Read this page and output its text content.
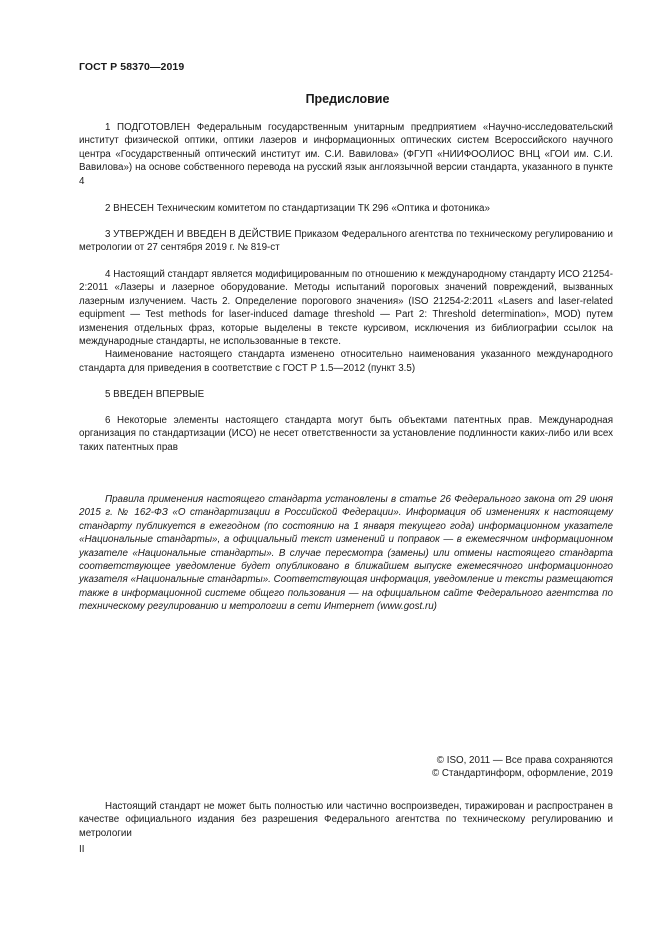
ГОСТ Р 58370—2019
Предисловие

1 ПОДГОТОВЛЕН Федеральным государственным унитарным предприятием «Научно-исследовательский институт физической оптики, оптики лазеров и информационных оптических систем Всероссийского научного центра «Государственный оптический институт им. С.И. Вавилова» (ФГУП «НИИФООЛИОС ВНЦ «ГОИ им. С.И. Вавилова») на основе собственного перевода на русский язык англоязычной версии стандарта, указанного в пункте 4

2 ВНЕСЕН Техническим комитетом по стандартизации ТК 296 «Оптика и фотоника»

3 УТВЕРЖДЕН И ВВЕДЕН В ДЕЙСТВИЕ Приказом Федерального агентства по техническому регулированию и метрологии от 27 сентября 2019 г. № 819-ст

4 Настоящий стандарт является модифицированным по отношению к международному стандарту ИСО 21254-2:2011 «Лазеры и лазерное оборудование. Методы испытаний пороговых значений повреждений, вызванных лазерным излучением. Часть 2. Определение порогового значения» (ISO 21254-2:2011 «Lasers and laser-related equipment — Test methods for laser-induced damage threshold — Part 2: Threshold determination», MOD) путем изменения отдельных фраз, которые выделены в тексте курсивом, исключения из библиографии ссылок на международные стандарты, не использованные в тексте.

Наименование настоящего стандарта изменено относительно наименования указанного международного стандарта для приведения в соответствие с ГОСТ Р 1.5—2012 (пункт 3.5)

5 ВВЕДЕН ВПЕРВЫЕ

6 Некоторые элементы настоящего стандарта могут быть объектами патентных прав. Международная организация по стандартизации (ИСО) не несет ответственности за установление подлинности каких-либо или всех таких патентных прав

Правила применения настоящего стандарта установлены в статье 26 Федерального закона от 29 июня 2015 г. № 162-ФЗ «О стандартизации в Российской Федерации». Информация об изменениях к настоящему стандарту публикуется в ежегодном (по состоянию на 1 января текущего года) информационном указателе «Национальные стандарты», а официальный текст изменений и поправок — в ежемесячном информационном указателе «Национальные стандарты». В случае пересмотра (замены) или отмены настоящего стандарта соответствующее уведомление будет опубликовано в ближайшем выпуске ежемесячного информационного указателя «Национальные стандарты». Соответствующая информация, уведомление и тексты размещаются также в информационной системе общего пользования — на официальном сайте Федерального агентства по техническому регулированию и метрологии в сети Интернет (www.gost.ru)

© ISO, 2011 — Все права сохраняются
© Стандартинформ, оформление, 2019

Настоящий стандарт не может быть полностью или частично воспроизведен, тиражирован и распространен в качестве официального издания без разрешения Федерального агентства по техническому регулированию и метрологии

II
